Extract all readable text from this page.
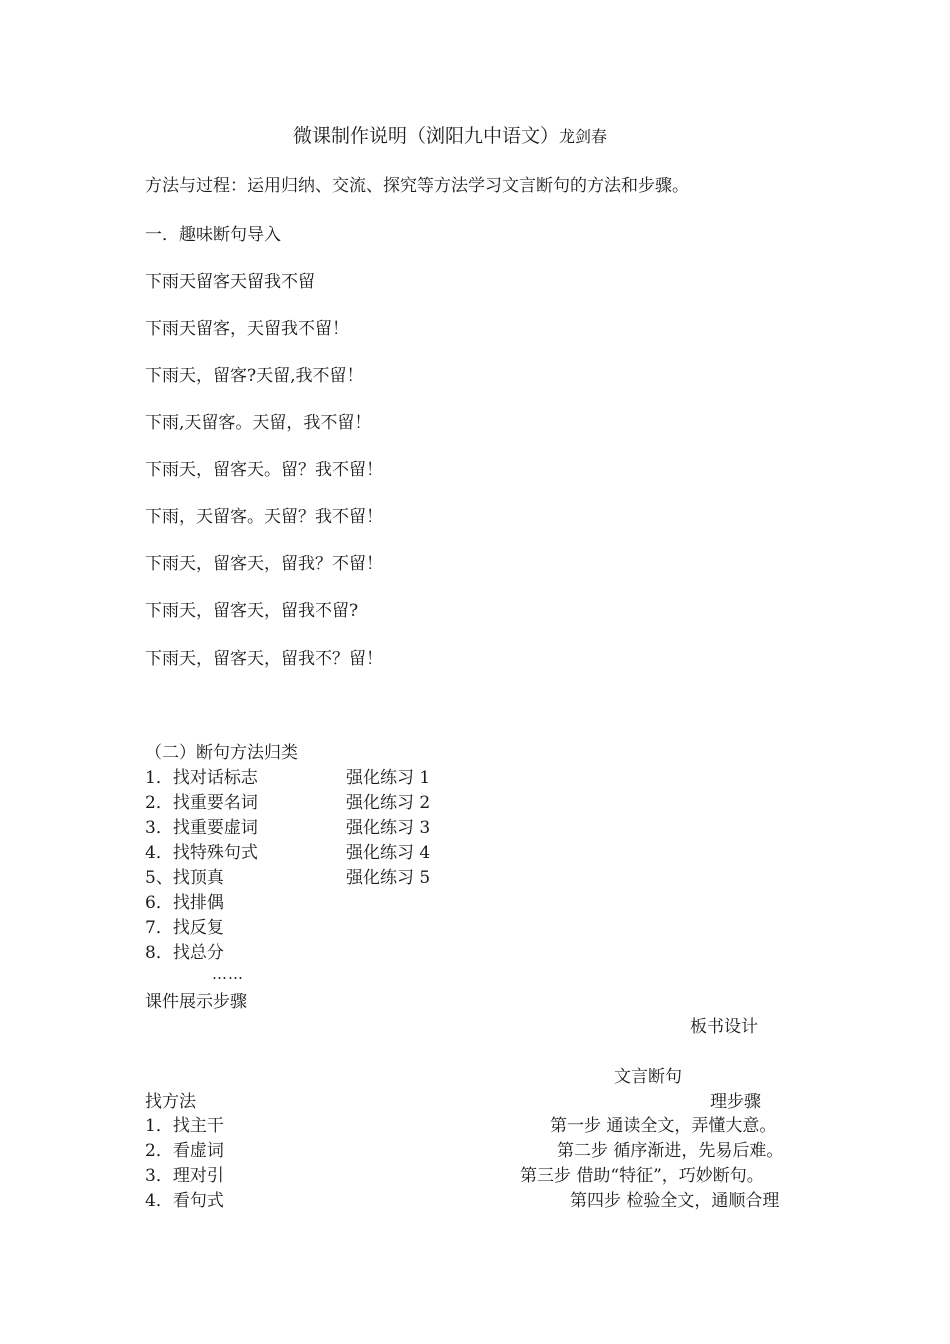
微课制作说明（浏阳九中语文）龙剑春
方法与过程：运用归纳、交流、探究等方法学习文言断句的方法和步骤。
一．趣味断句导入
下雨天留客天留我不留
下雨天留客，天留我不留！
下雨天，留客?天留,我不留！
下雨,天留客。天留，我不留！
下雨天，留客天。留？我不留！
下雨，天留客。天留？我不留！
下雨天，留客天，留我？不留！
下雨天，留客天，留我不留?
下雨天，留客天，留我不？留！
（二）断句方法归类
1．找对话标志
2．找重要名词
3．找重要虚词
4．找特殊句式
5、找顶真
6．找排偶
7．找反复
8．找总分
强化练习 1
强化练习 2
强化练习 3
强化练习 4
强化练习 5
……
课件展示步骤
板书设计
文言断句
找方法	理步骤
1．找主干
2．看虚词
3．理对引
4．看句式
第一步 通读全文，弄懂大意。
第二步 循序渐进，先易后难。
第三步 借助“特征”，巧妙断句。
第四步 检验全文，通顺合理
